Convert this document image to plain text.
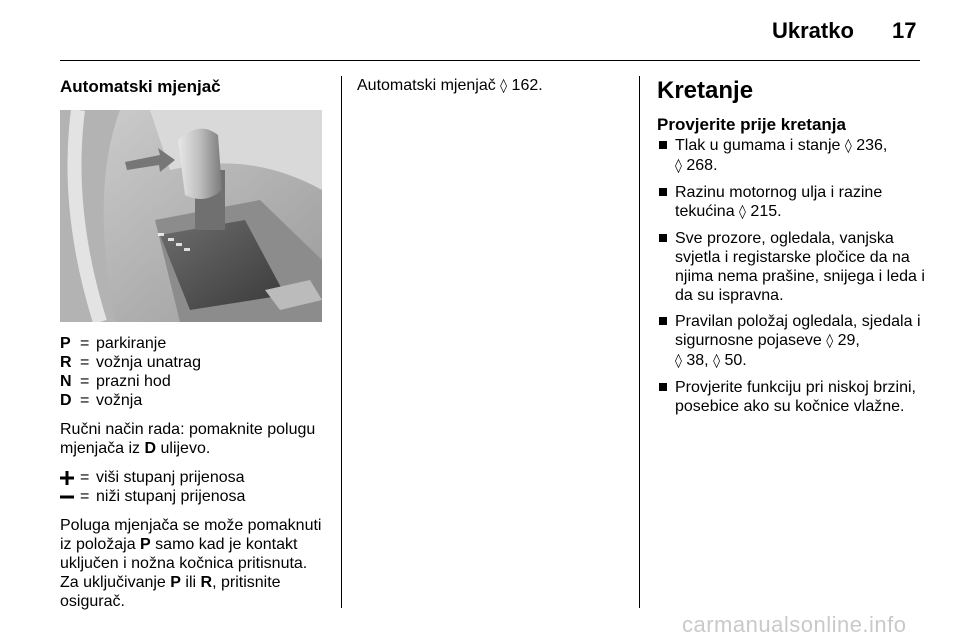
Ukratko 17
Automatski mjenjač
P = parkiranje
R = vožnja unatrag
N = prazni hod
D = vožnja
Ručni način rada: pomaknite polugu mjenjača iz D ulijevo.
= viši stupanj prijenosa
= niži stupanj prijenosa
Poluga mjenjača se može pomaknuti iz položaja P samo kad je kontakt uključen i nožna kočnica pritisnuta. Za uključivanje P ili R, pritisnite osigurač.
Automatski mjenjač ◊ 162.	Kretanje
Provjerite prije kretanja
Tlak u gumama i stanje ◊ 236,
◊ 268.
Razinu motornog ulja i razine tekućina ◊ 215.
Sve prozore, ogledala, vanjska svjetla i registarske pločice da na njima nema prašine, snijega i leda i da su ispravna.
Pravilan položaj ogledala, sjedala i sigurnosne pojaseve ◊ 29,
◊ 38, ◊ 50.
Provjerite funkciju pri niskoj brzini, posebice ako su kočnice vlažne.
carmanualsonline.info
